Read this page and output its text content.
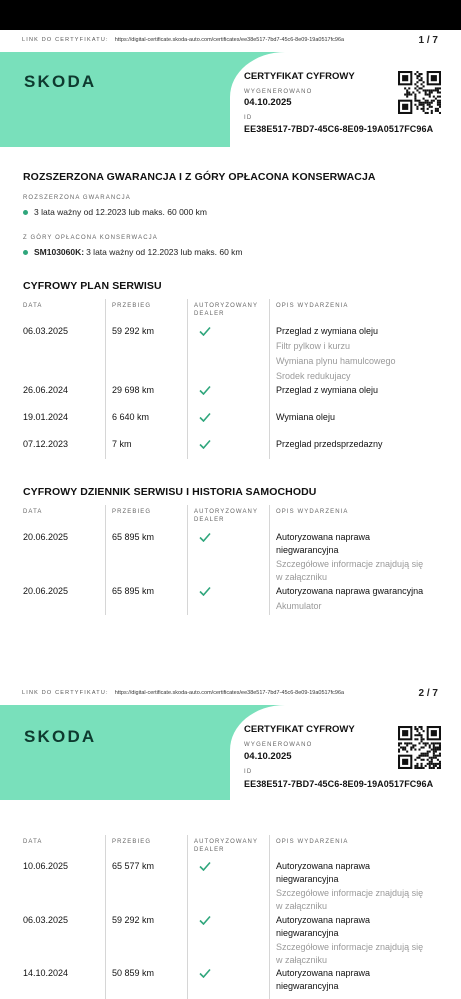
LINK DO CERTYFIKATU: https://digital-certificate.skoda-auto.com/certificates/ee38e517-7bd7-45c6-8e09-19a0517fc96a	1 / 7
SKODA	CERTYFIKAT CYFROWY
WYGENEROWANO
04.10.2025
ID
EE38E517-7BD7-45C6-8E09-19A0517FC96A
ROZSZERZONA GWARANCJA I Z GÓRY OPŁACONA KONSERWACJA
ROZSZERZONA GWARANCJA
3 lata ważny od 12.2023 lub maks. 60 000 km
Z GÓRY OPŁACONA KONSERWACJA
SM103060K: 3 lata ważny od 12.2023 lub maks. 60 km
CYFROWY PLAN SERWISU
DATA	PRZEBIEG	AUTORYZOWANY
DEALER
OPIS WYDARZENIA
06.03.2025	59 292 km	Przeglad z wymiana oleju
Filtr pylkow i kurzu
Wymiana plynu hamulcowego
Srodek redukujacy
26.06.2024	29 698 km	Przeglad z wymiana oleju
19.01.2024	6 640 km	Wymiana oleju
07.12.2023	7 km	Przeglad przedsprzedazny
CYFROWY DZIENNIK SERWISU I HISTORIA SAMOCHODU
DATA	PRZEBIEG	AUTORYZOWANY
DEALER
OPIS WYDARZENIA
20.06.2025	65 895 km	Autoryzowana naprawa
niegwarancyjna
Szczegółowe informacje znajdują się
w załączniku
20.06.2025	65 895 km	Autoryzowana naprawa gwarancyjna
Akumulator
LINK DO CERTYFIKATU: https://digital-certificate.skoda-auto.com/certificates/ee38e517-7bd7-45c6-8e09-19a0517fc96a	2 / 7
SKODA	CERTYFIKAT CYFROWY
WYGENEROWANO
04.10.2025
ID
EE38E517-7BD7-45C6-8E09-19A0517FC96A
DATA	PRZEBIEG	AUTORYZOWANY
DEALER
OPIS WYDARZENIA
10.06.2025	65 577 km	Autoryzowana naprawa
niegwarancyjna
Szczegółowe informacje znajdują się
w załączniku
06.03.2025	59 292 km	Autoryzowana naprawa
niegwarancyjna
Szczegółowe informacje znajdują się
w załączniku
14.10.2024	50 859 km	Autoryzowana naprawa
niegwarancyjna
